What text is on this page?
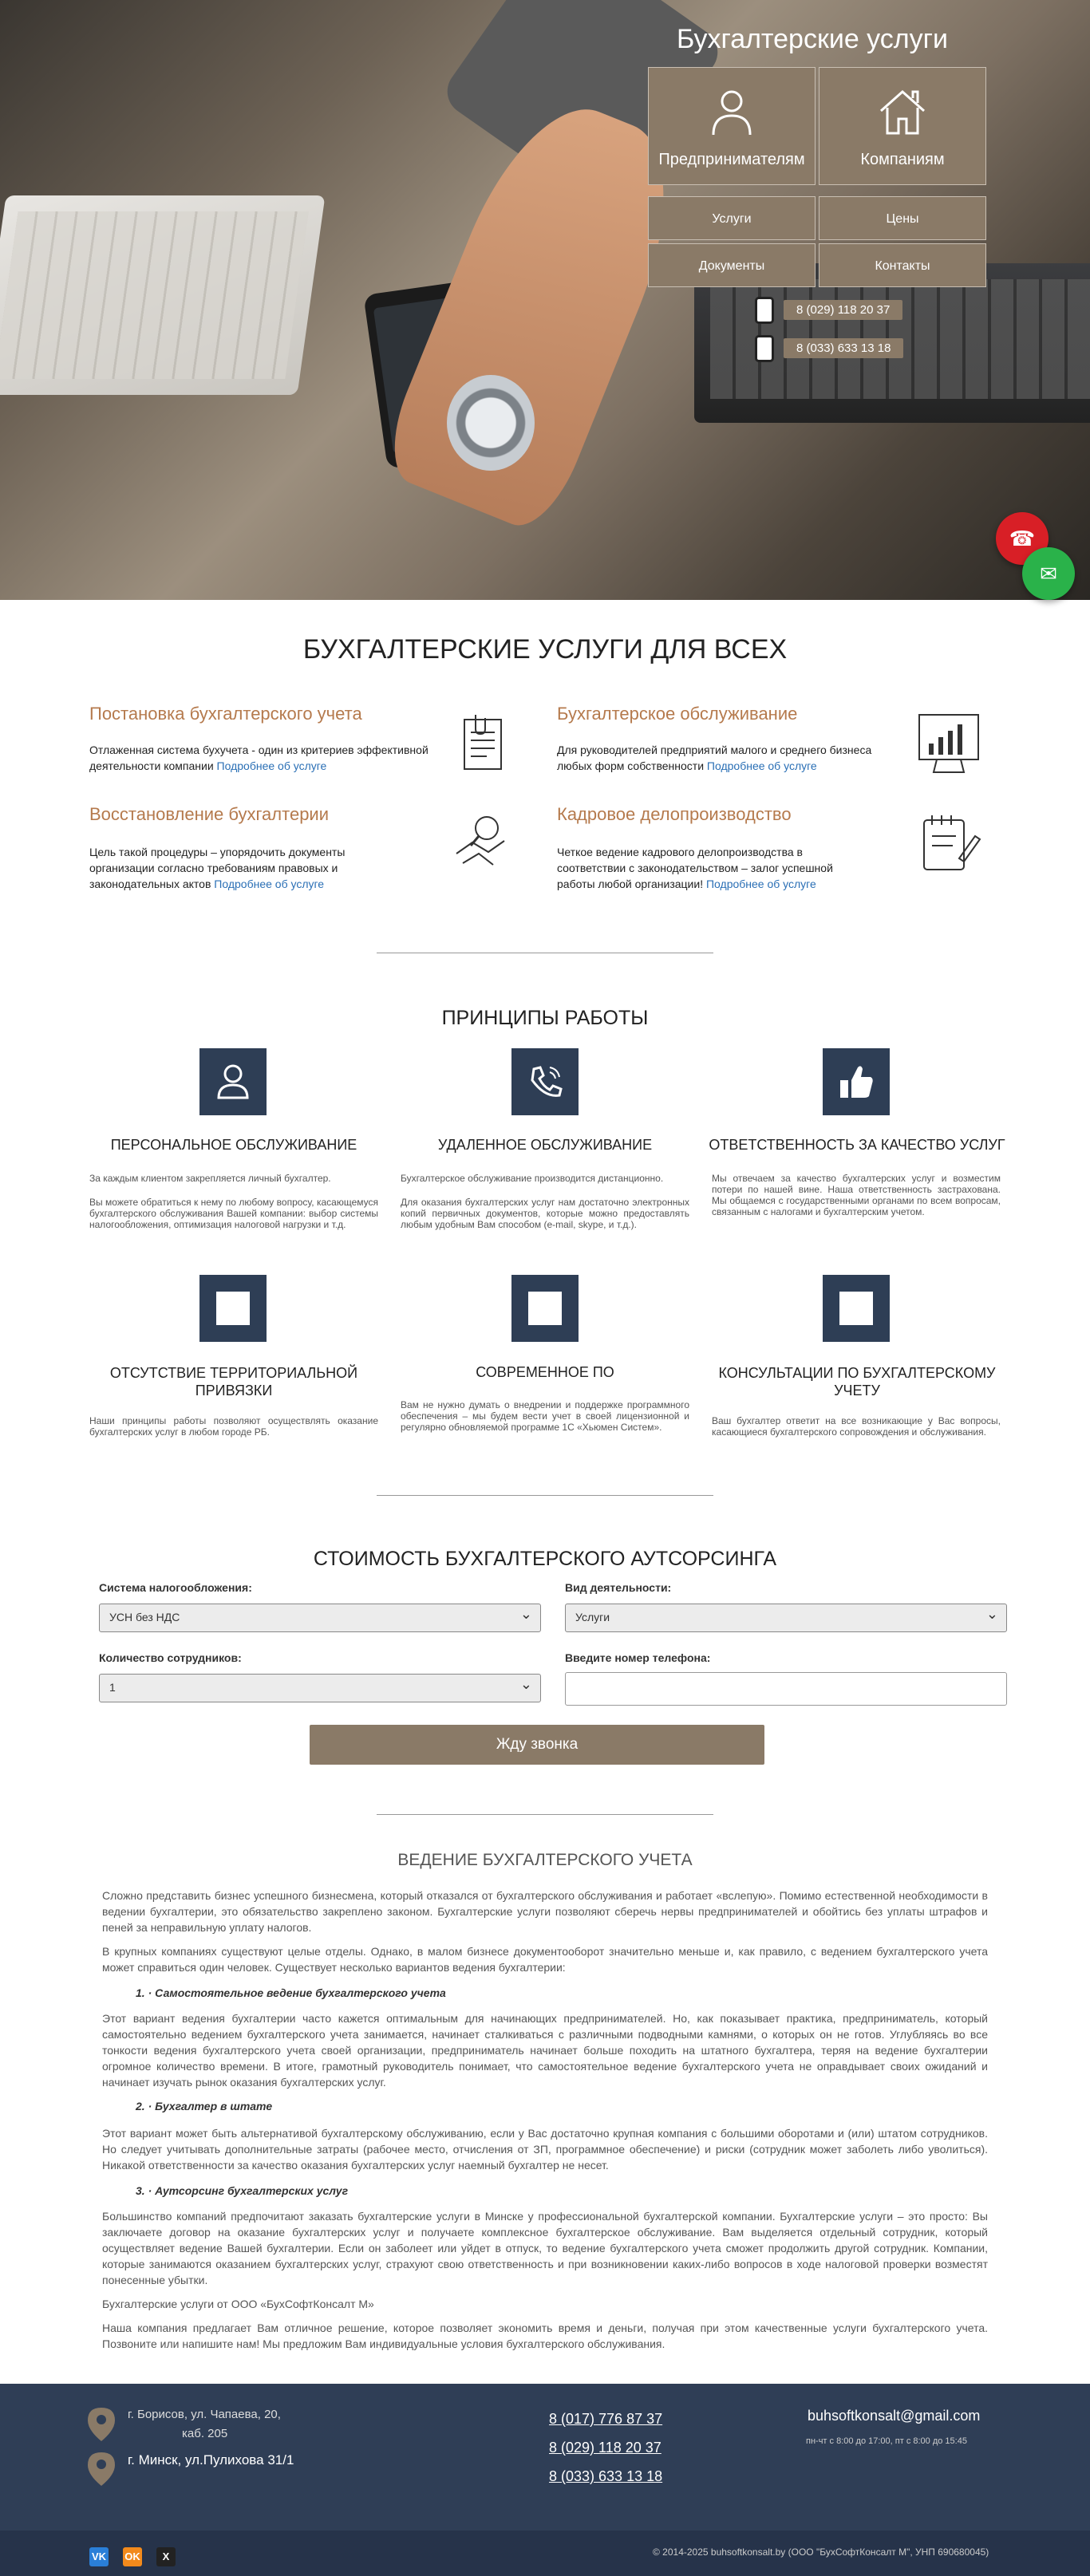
Бухгалтерские услуги
Предпринимателям	Компаниям
Услуги	Цены
Документы	Контакты
8 (029) 118 20 37
8 (033) 633 13 18
☎
✉
БУХГАЛТЕРСКИЕ УСЛУГИ ДЛЯ ВСЕХ
Постановка бухгалтерского учета
Отлаженная система бухучета - один из критериев эффективной деятельности компании Подробнее об услуге
Бухгалтерское обслуживание
Для руководителей предприятий малого и среднего бизнеса любых форм собственности Подробнее об услуге
Восстановление бухгалтерии
Цель такой процедуры – упорядочить документы организации согласно требованиям правовых и законодательных актов Подробнее об услуге
Кадровое делопроизводство
Четкое ведение кадрового делопроизводства в соответствии с законодательством – залог успешной работы любой организации! Подробнее об услуге
ПРИНЦИПЫ РАБОТЫ
ПЕРСОНАЛЬНОЕ ОБСЛУЖИВАНИЕ	УДАЛЕННОЕ ОБСЛУЖИВАНИЕ	ОТВЕТСТВЕННОСТЬ ЗА КАЧЕСТВО УСЛУГ
За каждым клиентом закрепляется личный бухгалтер.
Вы можете обратиться к нему по любому вопросу, касающемуся бухгалтерского обслуживания Вашей компании: выбор системы налогообложения, оптимизация налоговой нагрузки и т.д.
Бухгалтерское обслуживание производится дистанционно.
Для оказания бухгалтерских услуг нам достаточно электронных копий первичных документов, которые можно предоставлять любым удобным Вам способом (e-mail, skype, и т.д.).
Мы отвечаем за качество бухгалтерских услуг и возместим потери по нашей вине. Наша ответственность застрахована. Мы общаемся с государственными органами по всем вопросам, связанным с налогами и бухгалтерским учетом.
ОТСУТСТВИЕ ТЕРРИТОРИАЛЬНОЙ ПРИВЯЗКИ
СОВРЕМЕННОЕ ПО	КОНСУЛЬТАЦИИ ПО БУХГАЛТЕРСКОМУ УЧЕТУ
Наши принципы работы позволяют осуществлять оказание бухгалтерских услуг в любом городе РБ.
Вам не нужно думать о внедрении и поддержке программного обеспечения – мы будем вести учет в своей лицензионной и регулярно обновляемой программе 1С «Хьюмен Систем».
Ваш бухгалтер ответит на все возникающие у Вас вопросы, касающиеся бухгалтерского сопровождения и обслуживания.
СТОИМОСТЬ БУХГАЛТЕРСКОГО АУТСОРСИНГА
Система налогообложения:
УСН без НДС ⌄
Вид деятельности:
Услуги ⌄
Количество сотрудников:
1 ⌄
Введите номер телефона:
Жду звонка
ВЕДЕНИЕ БУХГАЛТЕРСКОГО УЧЕТА

Сложно представить бизнес успешного бизнесмена, который отказался от бухгалтерского обслуживания и работает «вслепую». Помимо естественной необходимости в ведении бухгалтерии, это обязательство закреплено законом. Бухгалтерские услуги позволяют сберечь нервы предпринимателей и обойтись без уплаты штрафов и пеней за неправильную уплату налогов.

В крупных компаниях существуют целые отделы. Однако, в малом бизнесе документооборот значительно меньше и, как правило, с ведением бухгалтерского учета может справиться один человек. Существует несколько вариантов ведения бухгалтерии:

1. · Самостоятельное ведение бухгалтерского учета

Этот вариант ведения бухгалтерии часто кажется оптимальным для начинающих предпринимателей. Но, как показывает практика, предприниматель, который самостоятельно ведением бухгалтерского учета занимается, начинает сталкиваться с различными подводными камнями, о которых он не готов. Углубляясь во все тонкости ведения бухгалтерского учета своей организации, предприниматель начинает больше походить на штатного бухгалтера, теряя на ведение бухгалтерии огромное количество времени. В итоге, грамотный руководитель понимает, что самостоятельное ведение бухгалтерского учета не оправдывает своих ожиданий и начинает изучать рынок оказания бухгалтерских услуг.

2. · Бухгалтер в штате

Этот вариант может быть альтернативой бухгалтерскому обслуживанию, если у Вас достаточно крупная компания с большими оборотами и (или) штатом сотрудников. Но следует учитывать дополнительные затраты (рабочее место, отчисления от ЗП, программное обеспечение) и риски (сотрудник может заболеть либо уволиться). Никакой ответственности за качество оказания бухгалтерских услуг наемный бухгалтер не несет.

3. · Аутсорсинг бухгалтерских услуг

Большинство компаний предпочитают заказать бухгалтерские услуги в Минске у профессиональной бухгалтерской компании. Бухгалтерские услуги – это просто: Вы заключаете договор на оказание бухгалтерских услуг и получаете комплексное бухгалтерское обслуживание. Вам выделяется отдельный сотрудник, который осуществляет ведение Вашей бухгалтерии. Если он заболеет или уйдет в отпуск, то ведение бухгалтерского учета сможет продолжить другой сотрудник. Компании, которые занимаются оказанием бухгалтерских услуг, страхуют свою ответственность и при возникновении каких-либо вопросов в ходе налоговой проверки возместят понесенные убытки.

Бухгалтерские услуги от ООО «БухСофтКонсалт М»

Наша компания предлагает Вам отличное решение, которое позволяет экономить время и деньги, получая при этом качественные услуги бухгалтерского учета. Позвоните или напишите нам! Мы предложим Вам индивидуальные условия бухгалтерского обслуживания.

г. Борисов, ул. Чапаева, 20,
каб. 205
г. Минск, ул.Пулихова 31/1
8 (017) 776 87 37
8 (029) 118 20 37
8 (033) 633 13 18
buhsoftkonsalt@gmail.com
пн-чт с 8:00 до 17:00, пт с 8:00 до 15:45
© 2014-2025 buhsoftkonsalt.by (ООО "БухСофтКонсалт М", УНП 690680045)
VK OK	X
